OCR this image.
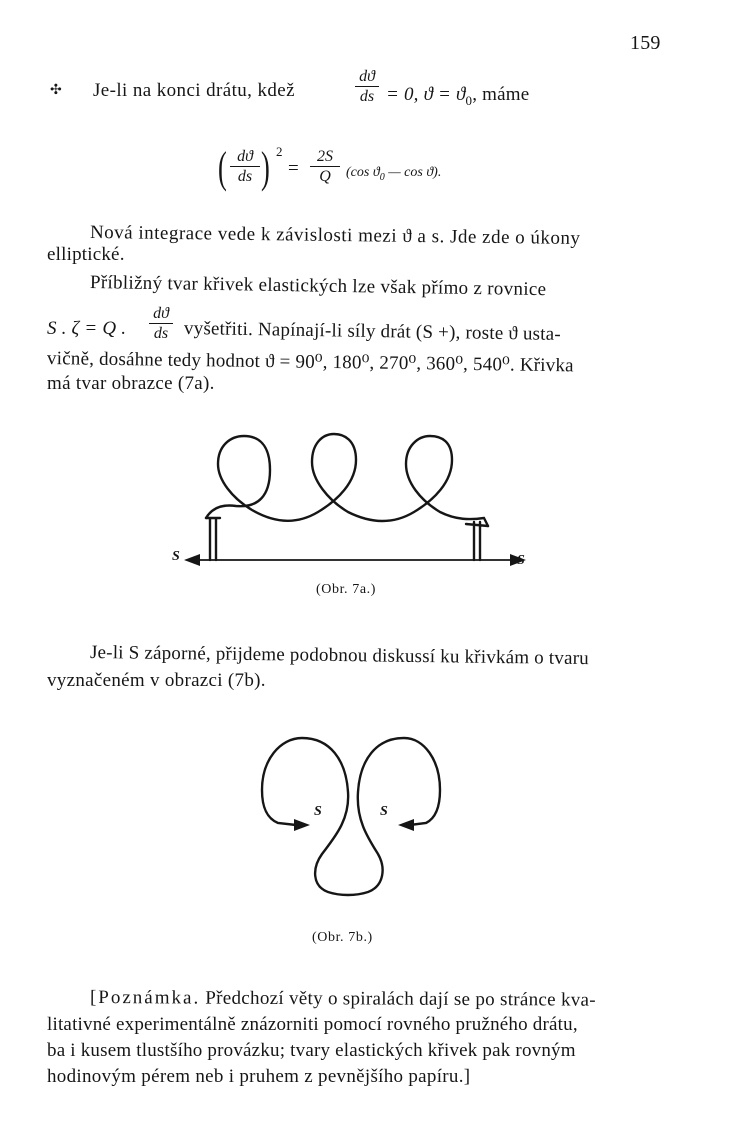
159
✣ Je-li na konci drátu, kdež
dϑ
ds = 0, $ϑ = ϑ_0$, máme
( dϑ
ds ) 2
=
2S
Q	(cos $ϑ_0$ — cos ϑ).
Nová integrace vede k závislosti mezi ϑ a s. Jde zde o úkony
elliptické.
Příbližný tvar křivek elastických lze však přímo z rovnice
S . ζ = Q .
dϑ
ds vyšetřiti. Napínají-li síly drát (S +), roste ϑ usta-
vičně, dosáhne tedy hodnot ϑ = 90⁰, 180⁰, 270⁰, 360⁰, 540⁰. Křivka
má tvar obrazce (7a).
S	S
(Obr. 7a.)
Je-li S záporné, přijdeme podobnou diskussí ku křivkám o tvaru
vyznačeném v obrazci (7b).
S	S
(Obr. 7b.)
[Poznámka. Předchozí věty o spiralách dají se po stránce kva-
litativné experimentálně znázorniti pomocí rovného pružného drátu,
ba i kusem tlustšího provázku; tvary elastických křivek pak rovným
hodinovým pérem neb i pruhem z pevnějšího papíru.]
